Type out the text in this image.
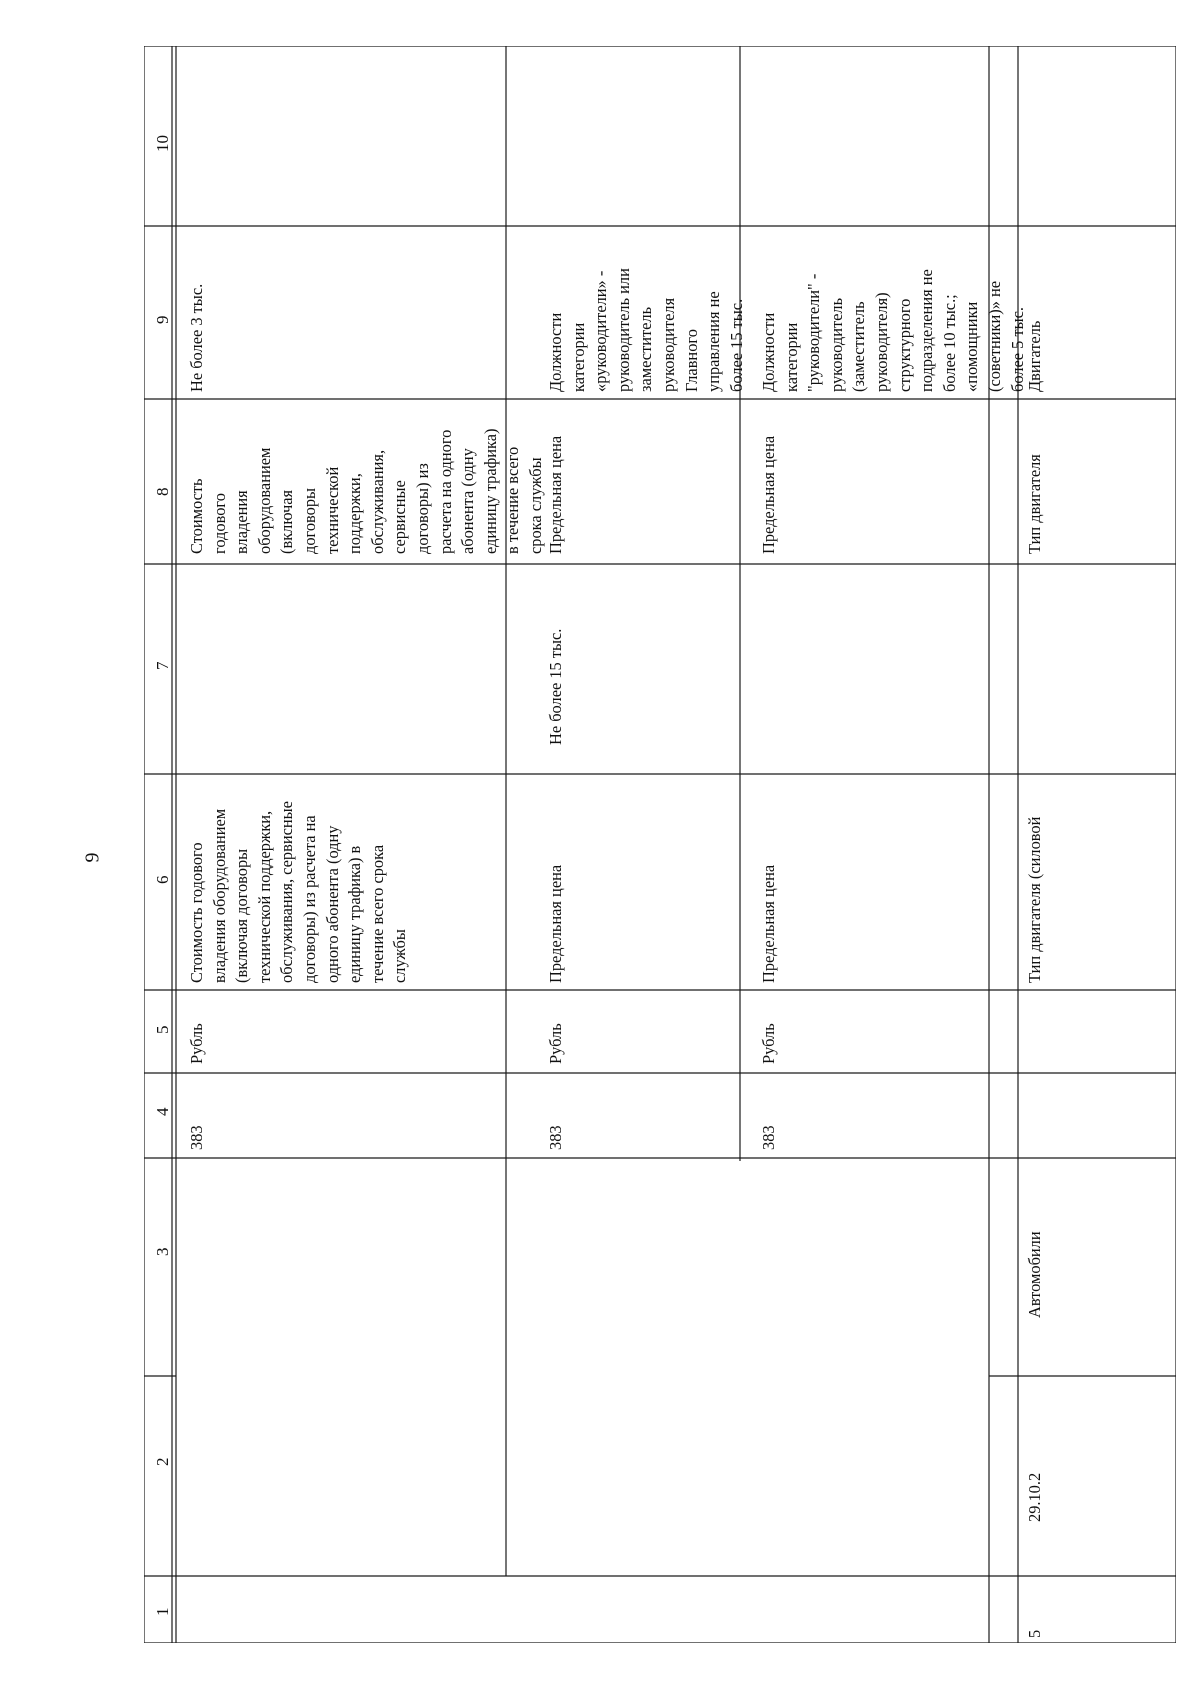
9
1
2
3
4
5
6
7
8
9
10
383
Рубль
Стоимость годового владения оборудованием (включая договоры технической поддержки, обслуживания, сервисные договоры) из расчета на одного абонента (одну единицу трафика) в течение всего срока службы
Стоимость годового владения оборудованием (включая договоры технической поддержки, обслуживания, сервисные договоры) из расчета на одного абонента (одну единицу трафика) в течение всего срока службы
Не более 3 тыс.
383
Рубль
Предельная цена
Не более 15 тыс.
Предельная цена
Должности категории «руководители» - руководитель или заместитель руководителя Главного управления не более 15 тыс.
383
Рубль
Предельная цена
Предельная цена
Должности категории "руководители" - руководитель (заместитель руководителя) структурного подразделения не более 10 тыс.; «помощники (советники)» не более 5 тыс.
5
29.10.2
Автомобили
Тип двигателя (силовой
Тип двигателя
Двигатель
